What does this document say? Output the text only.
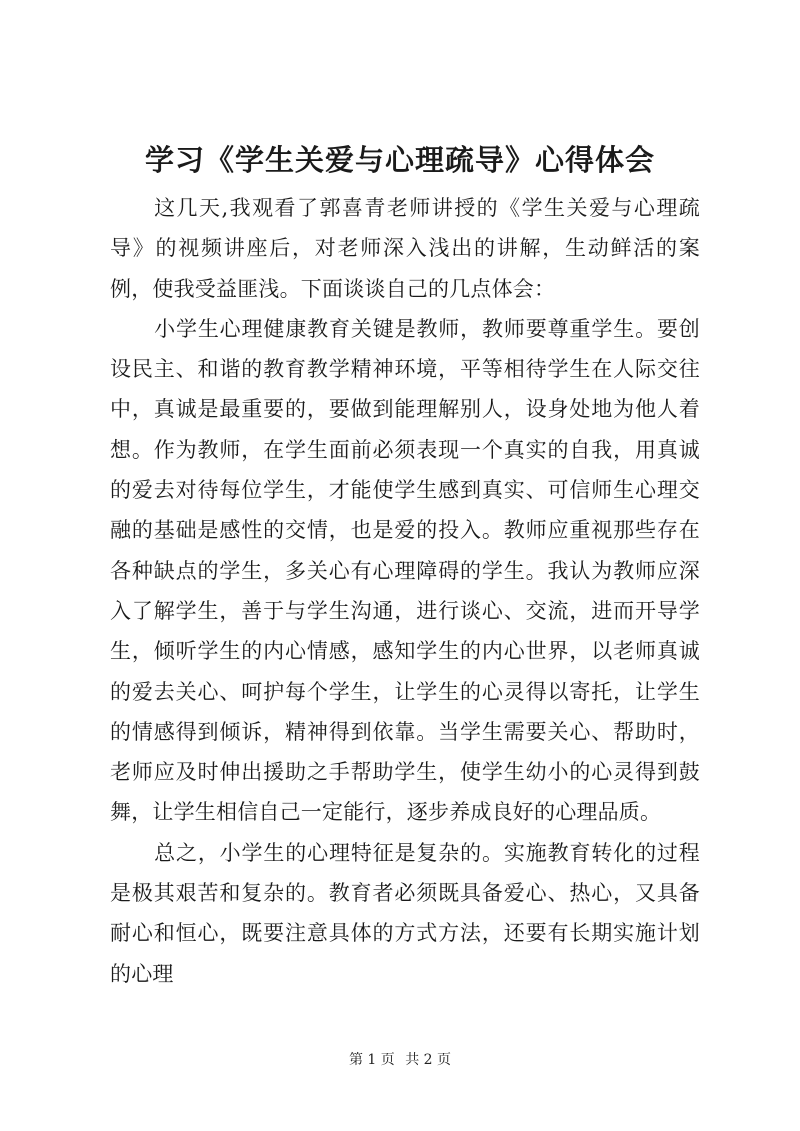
学习《学生关爱与心理疏导》心得体会

这几天,我观看了郭喜青老师讲授的《学生关爱与心理疏导》的视频讲座后，对老师深入浅出的讲解，生动鲜活的案例，使我受益匪浅。下面谈谈自己的几点体会：

小学生心理健康教育关键是教师，教师要尊重学生。要创设民主、和谐的教育教学精神环境，平等相待学生在人际交往中，真诚是最重要的，要做到能理解别人，设身处地为他人着想。作为教师，在学生面前必须表现一个真实的自我，用真诚的爱去对待每位学生，才能使学生感到真实、可信师生心理交融的基础是感性的交情，也是爱的投入。教师应重视那些存在各种缺点的学生，多关心有心理障碍的学生。我认为教师应深入了解学生，善于与学生沟通，进行谈心、交流，进而开导学生，倾听学生的内心情感，感知学生的内心世界，以老师真诚的爱去关心、呵护每个学生，让学生的心灵得以寄托，让学生的情感得到倾诉，精神得到依靠。当学生需要关心、帮助时，老师应及时伸出援助之手帮助学生，使学生幼小的心灵得到鼓舞，让学生相信自己一定能行，逐步养成良好的心理品质。

总之，小学生的心理特征是复杂的。实施教育转化的过程是极其艰苦和复杂的。教育者必须既具备爱心、热心，又具备耐心和恒心，既要注意具体的方式方法，还要有长期实施计划的心理

第 1 页 共 2 页
